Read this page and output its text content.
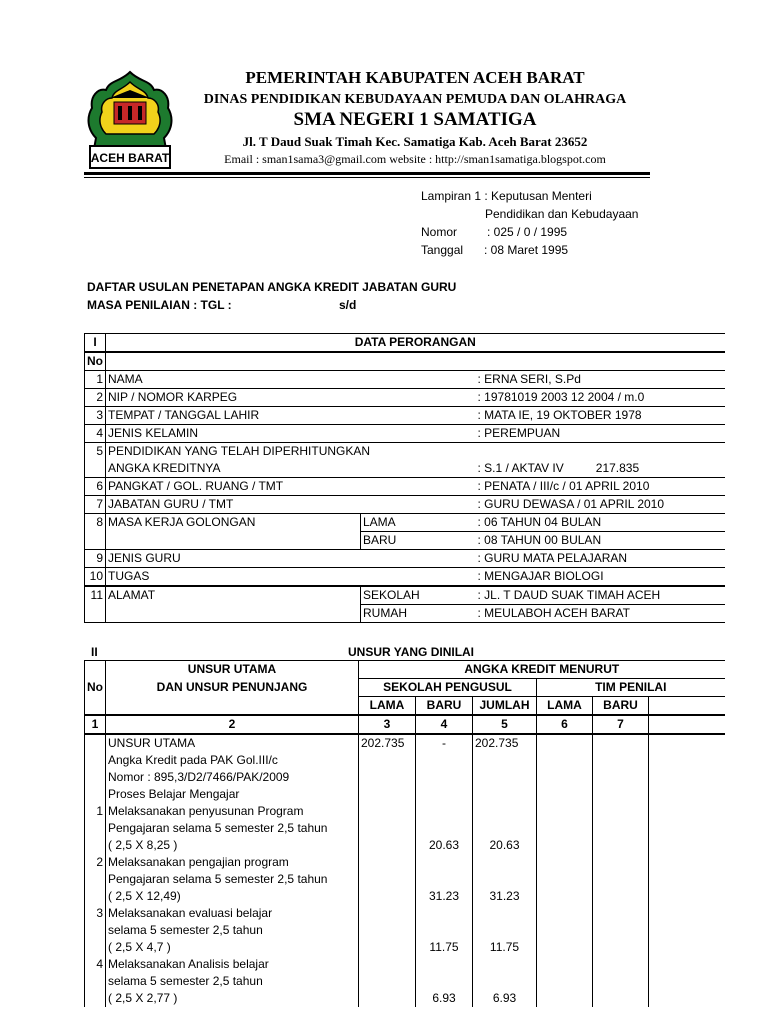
ACEH BARAT
PEMERINTAH KABUPATEN ACEH BARAT
DINAS PENDIDIKAN KEBUDAYAAN PEMUDA DAN OLAHRAGA
SMA NEGERI 1 SAMATIGA
Jl. T Daud Suak Timah Kec. Samatiga Kab. Aceh Barat 23652
Email : sman1sama3@gmail.com website : http://sman1samatiga.blogspot.com
Lampiran 1 : Keputusan Menteri
Pendidikan dan Kebudayaan
Nomor : 025 / 0 / 1995
Tanggal : 08 Maret 1995
DAFTAR USULAN PENETAPAN ANGKA KREDIT JABATAN GURU
MASA PENILAIAN : TGL :	s/d
I	DATA PERORANGAN		
No			
1	NAMA		: ERNA SERI, S.Pd
2	NIP / NOMOR KARPEG		: 19781019 2003 12 2004 / m.0
3	TEMPAT / TANGGAL LAHIR		: MATA IE, 19 OKTOBER 1978
4	JENIS KELAMIN		: PEREMPUAN
5	PENDIDIKAN YANG TELAH DIPERHITUNGKAN		
	ANGKA KREDITNYA		: S.1 / AKTAV IV 217.835
6	PANGKAT / GOL. RUANG / TMT		: PENATA / III/c / 01 APRIL 2010
7	JABATAN GURU / TMT		: GURU DEWASA / 01 APRIL 2010
8	MASA KERJA GOLONGAN	LAMA	: 06 TAHUN 04 BULAN
		BARU	: 08 TAHUN 00 BULAN
9	JENIS GURU		: GURU MATA PELAJARAN
10	TUGAS		: MENGAJAR BIOLOGI
11	ALAMAT	SEKOLAH	: JL. T DAUD SUAK TIMAH ACEH
		RUMAH	: MEULABOH ACEH BARAT
II	UNSUR YANG DINILAI
	UNSUR UTAMA	ANGKA KREDIT MENURUT					
No	DAN UNSUR PENUNJANG	SEKOLAH PENGUSUL			TIM PENILAI		
		LAMA	BARU	JUMLAH	LAMA	BARU	
1	2	3	4	5	6	7	
	UNSUR UTAMA	202.735	-	202.735			
	Angka Kredit pada PAK Gol.III/c						
	Nomor : 895,3/D2/7466/PAK/2009						
	Proses Belajar Mengajar						
1	Melaksanakan penyusunan Program						
	Pengajaran selama 5 semester 2,5 tahun						
	( 2,5 X 8,25 )		20.63	20.63			
2	Melaksanakan pengajian program						
	Pengajaran selama 5 semester 2,5 tahun						
	( 2,5 X 12,49)		31.23	31.23			
3	Melaksanakan evaluasi belajar						
	selama 5 semester 2,5 tahun						
	( 2,5 X 4,7 )		11.75	11.75			
4	Melaksanakan Analisis belajar						
	selama 5 semester 2,5 tahun						
	( 2,5 X 2,77 )		6.93	6.93			
